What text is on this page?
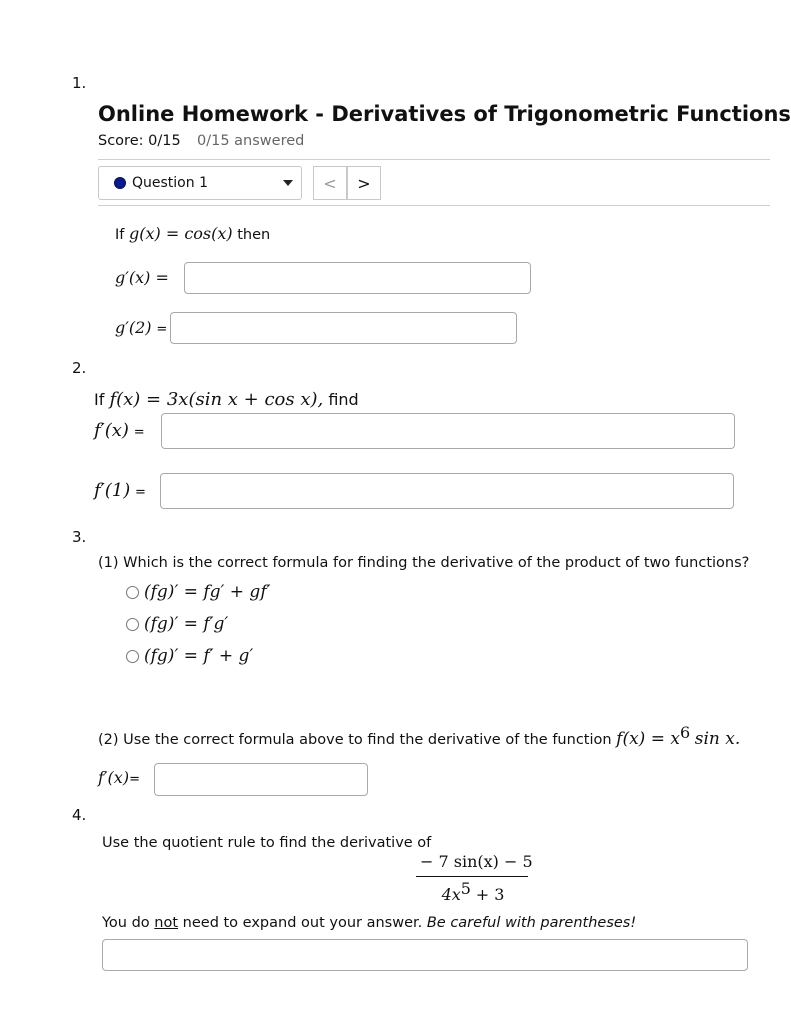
1.
Online Homework - Derivatives of Trigonometric Functions
Score: 0/15 0/15 answered
Question 1	< >
If g(x) = cos(x) then
g′(x) =
g′(2) =
2.
If f(x) = 3x(sin x + cos x), find
f′(x) =
f′(1) =
3.
(1) Which is the correct formula for finding the derivative of the product of two functions?
(fg)′ = fg′ + gf′
(fg)′ = f′g′
(fg)′ = f′ + g′
(2) Use the correct formula above to find the derivative of the function $f(x) = x^6$ sin x.
f′(x)=
4.
Use the quotient rule to find the derivative of
− 7 sin(x) − 5
$4x^5 + 3$
You do not need to expand out your answer. Be careful with parentheses!
